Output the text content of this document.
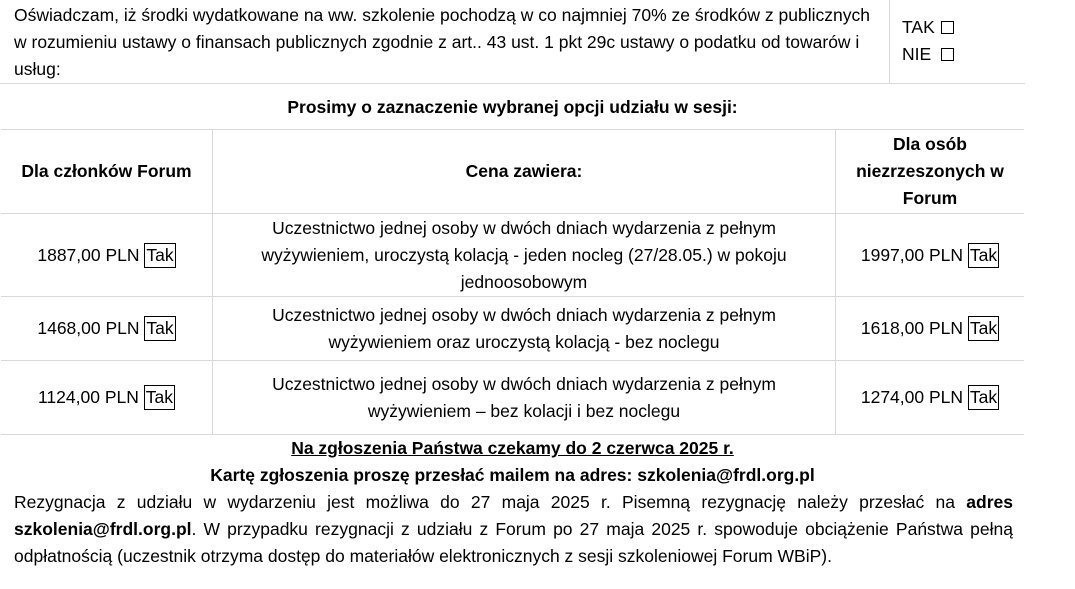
Oświadczam, iż środki wydatkowane na ww. szkolenie pochodzą w co najmniej 70% ze środków z publicznych w rozumieniu ustawy o finansach publicznych zgodnie z art.. 43 ust. 1 pkt 29c ustawy o podatku od towarów i usług:
TAK
NIE
Prosimy o zaznaczenie wybranej opcji udziału w sesji:
Dla członków Forum	Cena zawiera:	Dla osób niezrzeszonych w Forum
1887,00 PLN Tak	Uczestnictwo jednej osoby w dwóch dniach wydarzenia z pełnym wyżywieniem, uroczystą kolacją - jeden nocleg (27/28.05.) w pokoju jednoosobowym	1997,00 PLN Tak
1468,00 PLN Tak	Uczestnictwo jednej osoby w dwóch dniach wydarzenia z pełnym wyżywieniem oraz uroczystą kolacją - bez noclegu	1618,00 PLN Tak
1124,00 PLN Tak	Uczestnictwo jednej osoby w dwóch dniach wydarzenia z pełnym wyżywieniem – bez kolacji i bez noclegu	1274,00 PLN Tak
Na zgłoszenia Państwa czekamy do 2 czerwca 2025 r.
Kartę zgłoszenia proszę przesłać mailem na adres: szkolenia@frdl.org.pl
Rezygnacja z udziału w wydarzeniu jest możliwa do 27 maja 2025 r. Pisemną rezygnację należy przesłać na adres szkolenia@frdl.org.pl. W przypadku rezygnacji z udziału z Forum po 27 maja 2025 r. spowoduje obciążenie Państwa pełną odpłatnością (uczestnik otrzyma dostęp do materiałów elektronicznych z sesji szkoleniowej Forum WBiP).
